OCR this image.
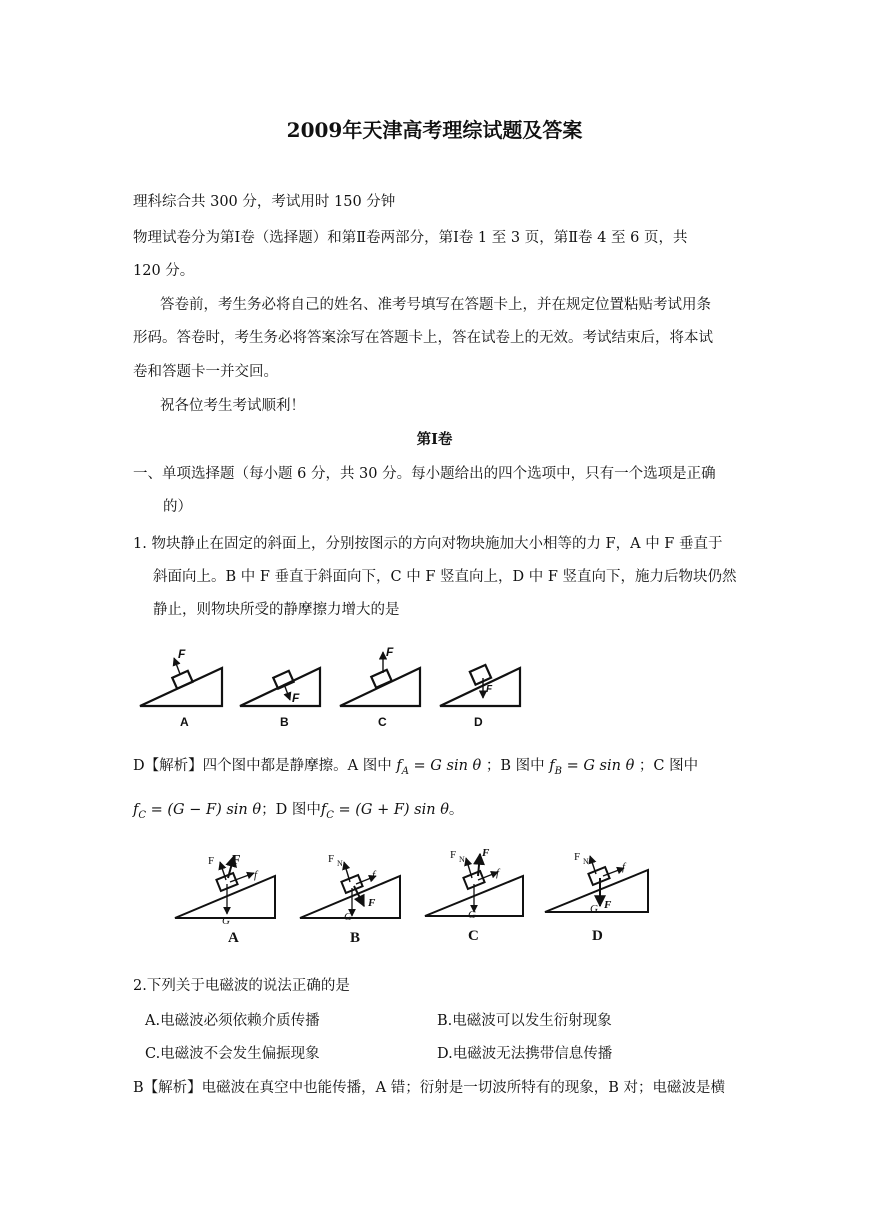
2009年天津高考理综试题及答案
理科综合共 300 分，考试用时 150 分钟
物理试卷分为第Ⅰ卷（选择题）和第Ⅱ卷两部分，第Ⅰ卷 1 至 3 页，第Ⅱ卷 4 至 6 页，共
120 分。
答卷前，考生务必将自己的姓名、准考号填写在答题卡上，并在规定位置粘贴考试用条
形码。答卷时，考生务必将答案涂写在答题卡上，答在试卷上的无效。考试结束后，将本试
卷和答题卡一并交回。
祝各位考生考试顺利！
第Ⅰ卷
一、单项选择题（每小题 6 分，共 30 分。每小题给出的四个选项中，只有一个选项是正确
的）
1. 物块静止在固定的斜面上，分别按图示的方向对物块施加大小相等的力 F，A 中 F 垂直于
斜面向上。B 中 F 垂直于斜面向下，C 中 F 竖直向上，D 中 F 竖直向下，施力后物块仍然
静止，则物块所受的静摩擦力增大的是
F
F
F
F
A	B	C	D
D【解析】四个图中都是静摩擦。A 图中 $f_A = G$ sin θ ；B 图中 $f_B = G$ sin θ ；C 图中
$f_C = (G - F)$ sin θ；D 图中$f_C = (G + F)$ sin θ。
F F
f
G
F N
F
f
G
F N
F
f
G
F N
F
f
G
A	B	C	D
2.下列关于电磁波的说法正确的是
A.电磁波必须依赖介质传播	B.电磁波可以发生衍射现象
C.电磁波不会发生偏振现象	D.电磁波无法携带信息传播
B【解析】电磁波在真空中也能传播，A 错；衍射是一切波所特有的现象，B 对；电磁波是横
